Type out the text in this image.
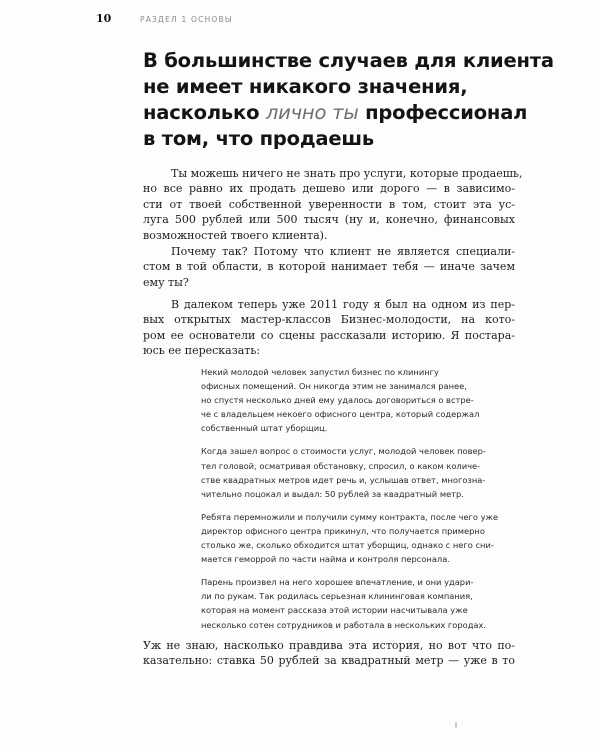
10	РАЗДЕЛ 1 ОСНОВЫ
В большинстве случаев для клиента
не имеет никакого значения,
насколько лично ты профессионал
в том, что продаешь
Ты можешь ничего не знать про услуги, которые продаешь,
но все равно их продать дешево или дорого — в зависимо-
сти от твоей собственной уверенности в том, стоит эта ус-
луга 500 рублей или 500 тысяч (ну и, конечно, финансовых
возможностей твоего клиента).
Почему так? Потому что клиент не является специали-
стом в той области, в которой нанимает тебя — иначе зачем
ему ты?
В далеком теперь уже 2011 году я был на одном из пер-
вых открытых мастер-классов Бизнес-молодости, на кото-
ром ее основатели со сцены рассказали историю. Я постара-
юсь ее пересказать:

Некий молодой человек запустил бизнес по клинингу
офисных помещений. Он никогда этим не занимался ранее,
но спустя несколько дней ему удалось договориться о встре-
че с владельцем некоего офисного центра, который содержал
собственный штат уборщиц.

Когда зашел вопрос о стоимости услуг, молодой человек повер-
тел головой, осматривая обстановку, спросил, о каком количе-
стве квадратных метров идет речь и, услышав ответ, многозна-
чительно поцокал и выдал: 50 рублей за квадратный метр.

Ребята перемножили и получили сумму контракта, после чего уже
директор офисного центра прикинул, что получается примерно
столько же, сколько обходится штат уборщиц, однако с него сни-
мается геморрой по части найма и контроля персонала.

Парень произвел на него хорошее впечатление, и они удари-
ли по рукам. Так родилась серьезная клининговая компания,
которая на момент рассказа этой истории насчитывала уже
несколько сотен сотрудников и работала в нескольких городах.

Уж не знаю, насколько правдива эта история, но вот что по-
казательно: ставка 50 рублей за квадратный метр — уже в то
